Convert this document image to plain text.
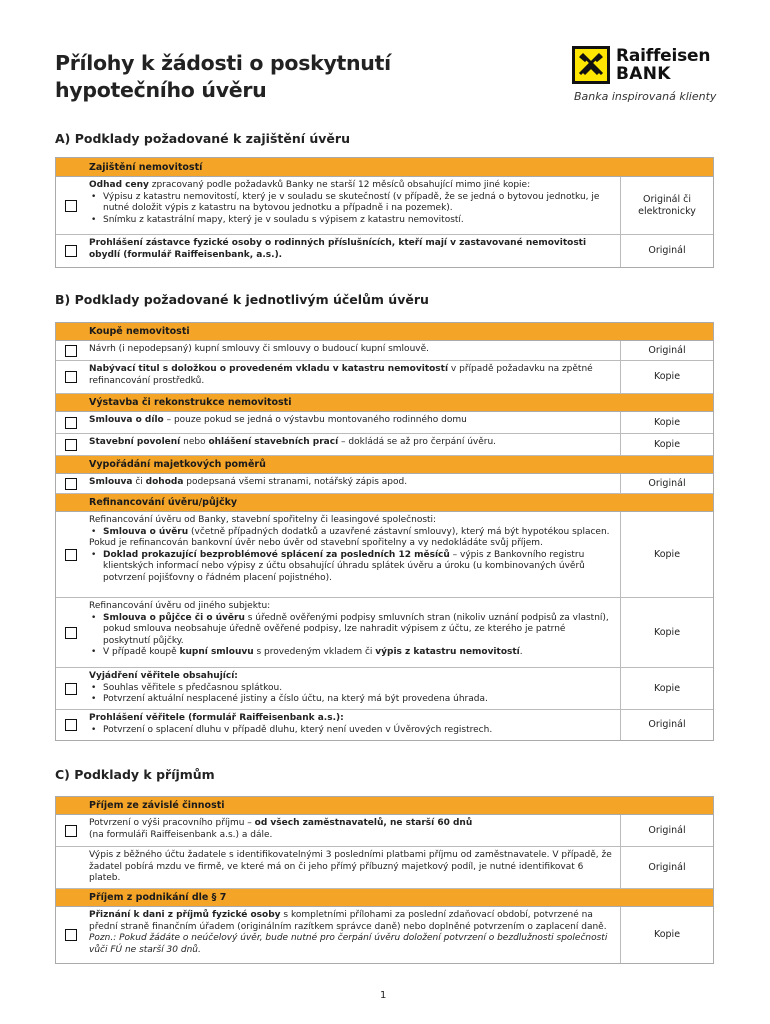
Přílohy k žádosti o poskytnutí
hypotečního úvěru
Raiffeisen
BANK
Banka inspirovaná klienty
A) Podklady požadované k zajištění úvěru
Zajištění nemovitostí
Odhad ceny zpracovaný podle požadavků Banky ne starší 12 měsíců obsahující mimo jiné kopie:
• Výpisu z katastru nemovitostí, který je v souladu se skutečností (v případě, že se jedná o bytovou jednotku, je nutné doložit výpis z katastru na bytovou jednotku a případně i na pozemek).
• Snímku z katastrální mapy, který je v souladu s výpisem z katastru nemovitostí.
Originál či elektronicky
Prohlášení zástavce fyzické osoby o rodinných příslušnících, kteří mají v zastavované nemovitosti obydlí (formulář Raiffeisenbank, a.s.).	Originál
B) Podklady požadované k jednotlivým účelům úvěru
Koupě nemovitosti
Návrh (i nepodepsaný) kupní smlouvy či smlouvy o budoucí kupní smlouvě.	Originál
Nabývací titul s doložkou o provedeném vkladu v katastru nemovitostí v případě požadavku na zpětné refinancování prostředků.	Kopie
Výstavba či rekonstrukce nemovitosti
Smlouva o dílo – pouze pokud se jedná o výstavbu montovaného rodinného domu	Kopie
Stavební povolení nebo ohlášení stavebních prací – dokládá se až pro čerpání úvěru.	Kopie
Vypořádání majetkových poměrů
Smlouva či dohoda podepsaná všemi stranami, notářský zápis apod.	Originál
Refinancování úvěru/půjčky
Refinancování úvěru od Banky, stavební spořitelny či leasingové společnosti:
• Smlouva o úvěru (včetně případných dodatků a uzavřené zástavní smlouvy), který má být hypotékou splacen.
Pokud je refinancován bankovní úvěr nebo úvěr od stavební spořitelny a vy nedokládáte svůj příjem.
• Doklad prokazující bezproblémové splácení za posledních 12 měsíců – výpis z Bankovního registru klientských informací nebo výpisy z účtu obsahující úhradu splátek úvěru a úroku (u kombinovaných úvěrů potvrzení pojišťovny o řádném placení pojistného).
Kopie
Refinancování úvěru od jiného subjektu:
• Smlouva o půjčce či o úvěru s úředně ověřenými podpisy smluvních stran (nikoliv uznání podpisů za vlastní), pokud smlouva neobsahuje úředně ověřené podpisy, lze nahradit výpisem z účtu, ze kterého je patrné poskytnutí půjčky.
• V případě koupě kupní smlouvu s provedeným vkladem či výpis z katastru nemovitostí.
Kopie
Vyjádření věřitele obsahující:
• Souhlas věřitele s předčasnou splátkou.
• Potvrzení aktuální nesplacené jistiny a číslo účtu, na který má být provedena úhrada.
Kopie
Prohlášení věřitele (formulář Raiffeisenbank a.s.):
• Potvrzení o splacení dluhu v případě dluhu, který není uveden v Úvěrových registrech.	Originál
C) Podklady k příjmům
Příjem ze závislé činnosti
Potvrzení o výši pracovního příjmu – od všech zaměstnavatelů, ne starší 60 dnů
(na formuláři Raiffeisenbank a.s.) a dále.	Originál
Výpis z běžného účtu žadatele s identifikovatelnými 3 posledními platbami příjmu od zaměstnavatele. V případě, že žadatel pobírá mzdu ve firmě, ve které má on či jeho přímý příbuzný majetkový podíl, je nutné identifikovat 6 plateb.
Originál
Příjem z podnikání dle § 7
Přiznání k dani z příjmů fyzické osoby s kompletními přílohami za poslední zdaňovací období, potvrzené na přední straně finančním úřadem (originálním razítkem správce daně) nebo doplněné potvrzením o zaplacení daně.
Pozn.: Pokud žádáte o neúčelový úvěr, bude nutné pro čerpání úvěru doložení potvrzení o bezdlužnosti společnosti vůči FÚ ne starší 30 dnů.
Kopie
1
